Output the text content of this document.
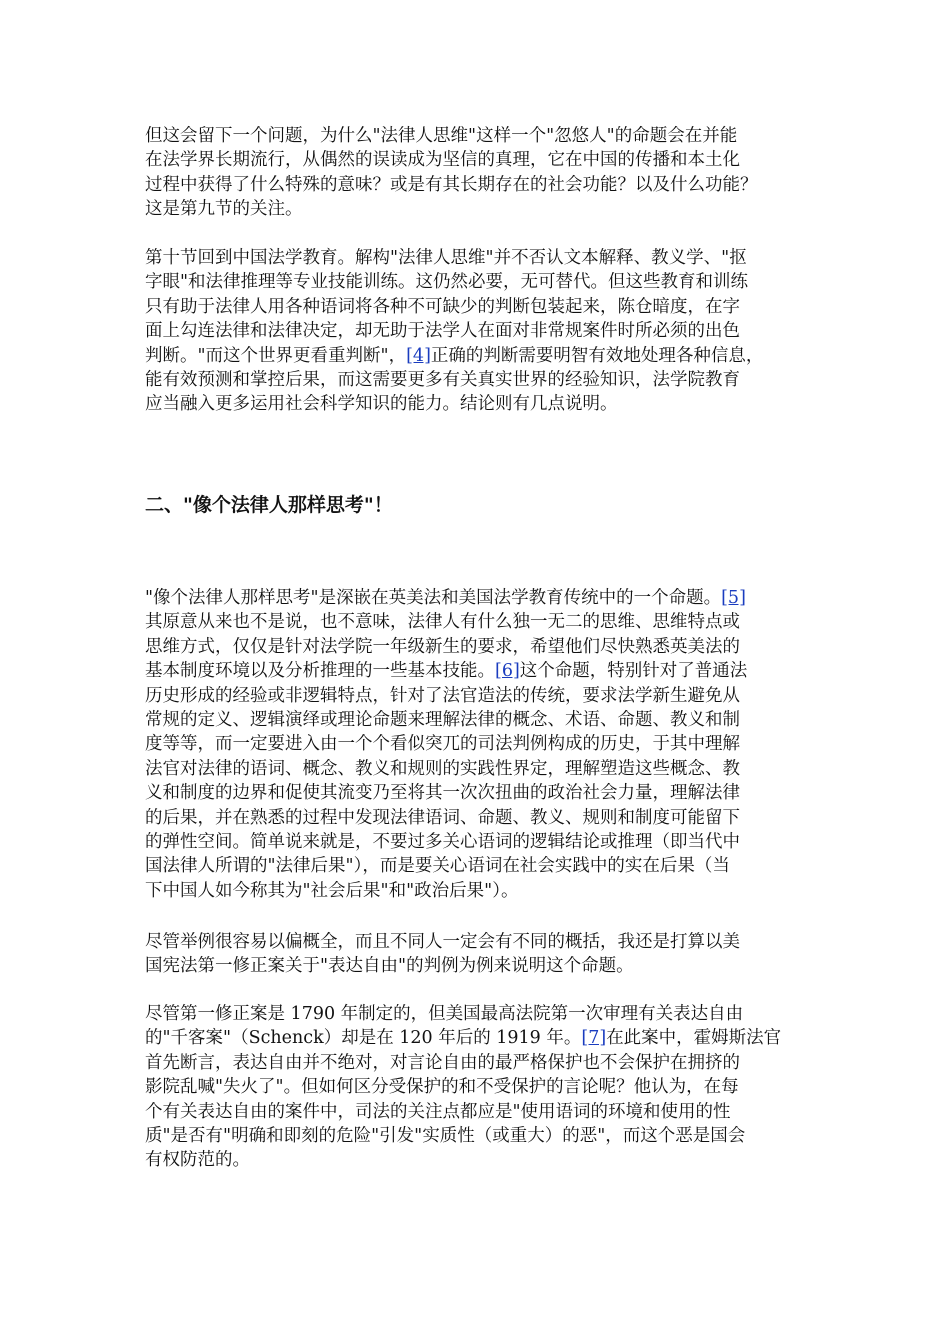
但这会留下一个问题，为什么"法律人思维"这样一个"忽悠人"的命题会在并能
在法学界长期流行，从偶然的误读成为坚信的真理，它在中国的传播和本土化
过程中获得了什么特殊的意味？或是有其长期存在的社会功能？以及什么功能？
这是第九节的关注。
第十节回到中国法学教育。解构"法律人思维"并不否认文本解释、教义学、"抠
字眼"和法律推理等专业技能训练。这仍然必要，无可替代。但这些教育和训练
只有助于法律人用各种语词将各种不可缺少的判断包装起来，陈仓暗度，在字
面上勾连法律和法律决定，却无助于法学人在面对非常规案件时所必须的出色
判断。"而这个世界更看重判断"，[4]正确的判断需要明智有效地处理各种信息，
能有效预测和掌控后果，而这需要更多有关真实世界的经验知识，法学院教育
应当融入更多运用社会科学知识的能力。结论则有几点说明。
二、"像个法律人那样思考"！
"像个法律人那样思考"是深嵌在英美法和美国法学教育传统中的一个命题。[5]
其原意从来也不是说，也不意味，法律人有什么独一无二的思维、思维特点或
思维方式，仅仅是针对法学院一年级新生的要求，希望他们尽快熟悉英美法的
基本制度环境以及分析推理的一些基本技能。[6]这个命题，特别针对了普通法
历史形成的经验或非逻辑特点，针对了法官造法的传统，要求法学新生避免从
常规的定义、逻辑演绎或理论命题来理解法律的概念、术语、命题、教义和制
度等等，而一定要进入由一个个看似突兀的司法判例构成的历史，于其中理解
法官对法律的语词、概念、教义和规则的实践性界定，理解塑造这些概念、教
义和制度的边界和促使其流变乃至将其一次次扭曲的政治社会力量，理解法律
的后果，并在熟悉的过程中发现法律语词、命题、教义、规则和制度可能留下
的弹性空间。简单说来就是，不要过多关心语词的逻辑结论或推理（即当代中
国法律人所谓的"法律后果"），而是要关心语词在社会实践中的实在后果（当
下中国人如今称其为"社会后果"和"政治后果"）。
尽管举例很容易以偏概全，而且不同人一定会有不同的概括，我还是打算以美
国宪法第一修正案关于"表达自由"的判例为例来说明这个命题。
尽管第一修正案是 1790 年制定的，但美国最高法院第一次审理有关表达自由
的"千客案"（Schenck）却是在 120 年后的 1919 年。[7]在此案中，霍姆斯法官
首先断言，表达自由并不绝对，对言论自由的最严格保护也不会保护在拥挤的
影院乱喊"失火了"。但如何区分受保护的和不受保护的言论呢？他认为，在每
个有关表达自由的案件中，司法的关注点都应是"使用语词的环境和使用的性
质"是否有"明确和即刻的危险"引发"实质性（或重大）的恶"，而这个恶是国会
有权防范的。
